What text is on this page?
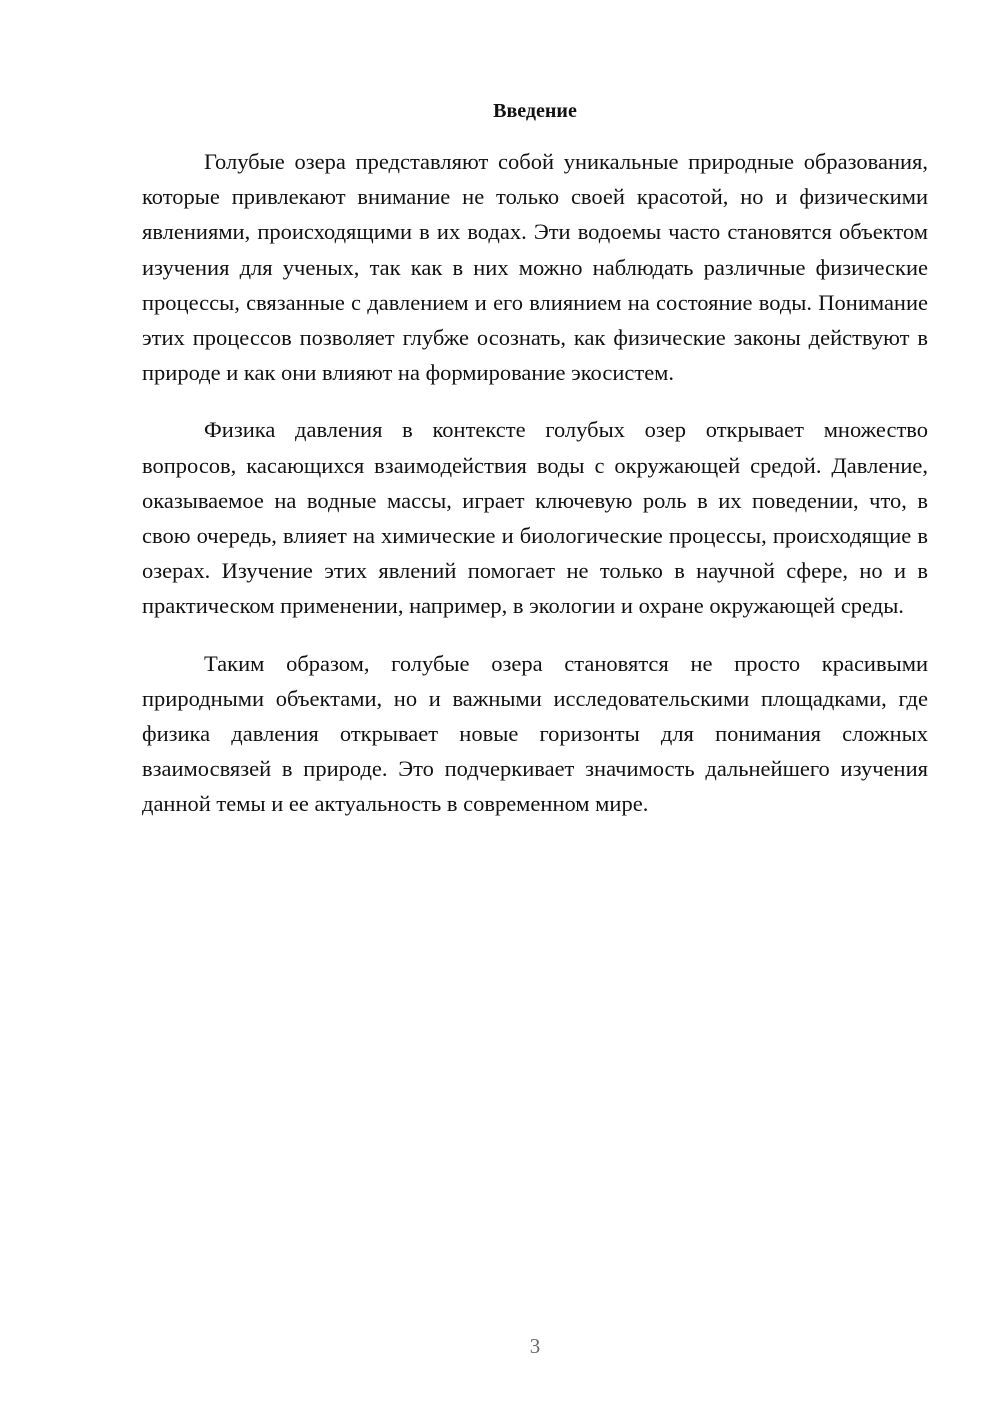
Введение

Голубые озера представляют собой уникальные природные образования, которые привлекают внимание не только своей красотой, но и физическими явлениями, происходящими в их водах. Эти водоемы часто становятся объектом изучения для ученых, так как в них можно наблюдать различные физические процессы, связанные с давлением и его влиянием на состояние воды. Понимание этих процессов позволяет глубже осознать, как физические законы действуют в природе и как они влияют на формирование экосистем.

Физика давления в контексте голубых озер открывает множество вопросов, касающихся взаимодействия воды с окружающей средой. Давление, оказываемое на водные массы, играет ключевую роль в их поведении, что, в свою очередь, влияет на химические и биологические процессы, происходящие в озерах. Изучение этих явлений помогает не только в научной сфере, но и в практическом применении, например, в экологии и охране окружающей среды.

Таким образом, голубые озера становятся не просто красивыми природными объектами, но и важными исследовательскими площадками, где физика давления открывает новые горизонты для понимания сложных взаимосвязей в природе. Это подчеркивает значимость дальнейшего изучения данной темы и ее актуальность в современном мире.

3
